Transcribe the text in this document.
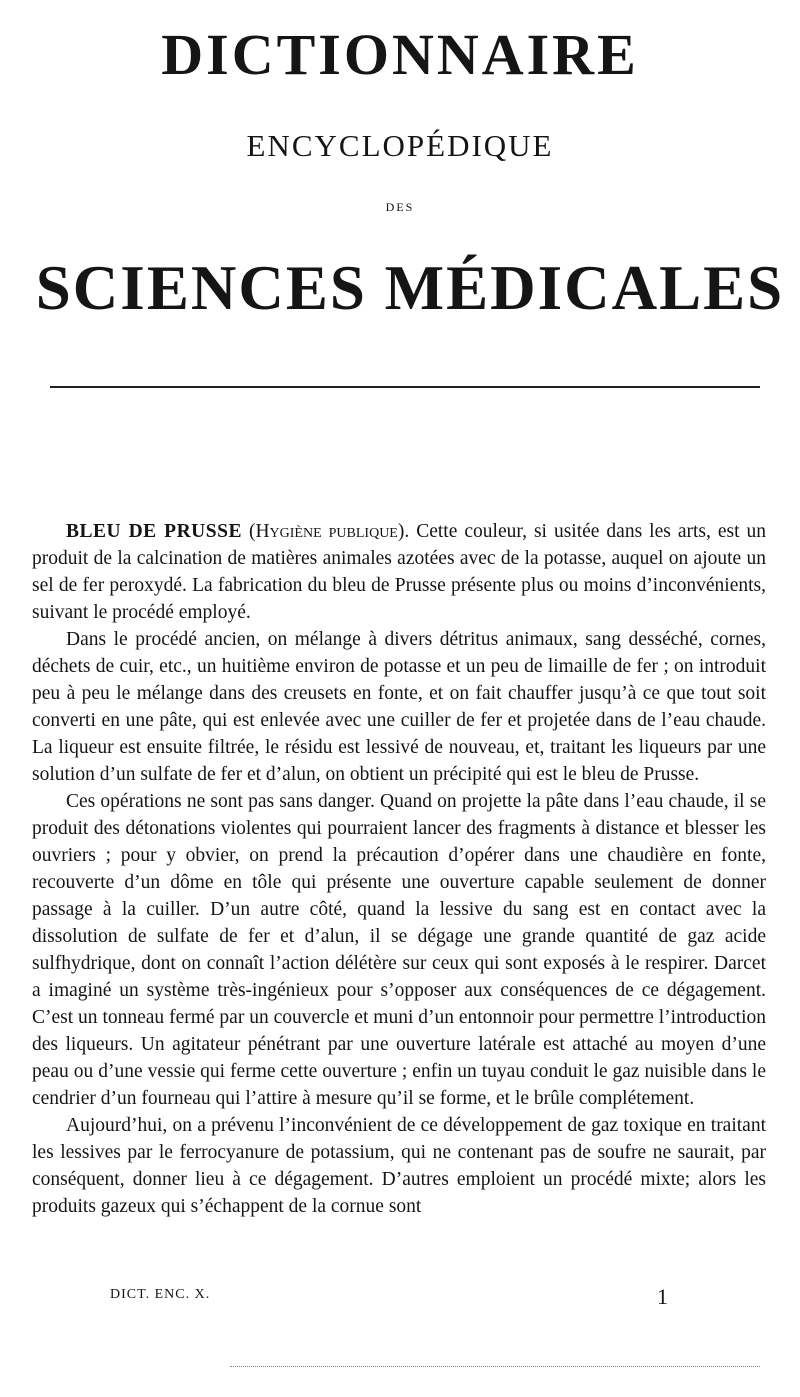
DICTIONNAIRE
ENCYCLOPÉDIQUE
DES
SCIENCES MÉDICALES

BLEU DE PRUSSE (Hygiène publique). Cette couleur, si usitée dans les arts, est un produit de la calcination de matières animales azotées avec de la potasse, auquel on ajoute un sel de fer peroxydé. La fabrication du bleu de Prusse présente plus ou moins d’inconvénients, suivant le procédé employé.

Dans le procédé ancien, on mélange à divers détritus animaux, sang desséché, cornes, déchets de cuir, etc., un huitième environ de potasse et un peu de limaille de fer ; on introduit peu à peu le mélange dans des creusets en fonte, et on fait chauffer jusqu’à ce que tout soit converti en une pâte, qui est enlevée avec une cuiller de fer et projetée dans de l’eau chaude. La liqueur est ensuite filtrée, le résidu est lessivé de nouveau, et, traitant les liqueurs par une solution d’un sulfate de fer et d’alun, on obtient un précipité qui est le bleu de Prusse.

Ces opérations ne sont pas sans danger. Quand on projette la pâte dans l’eau chaude, il se produit des détonations violentes qui pourraient lancer des fragments à distance et blesser les ouvriers ; pour y obvier, on prend la précaution d’opérer dans une chaudière en fonte, recouverte d’un dôme en tôle qui présente une ouverture capable seulement de donner passage à la cuiller. D’un autre côté, quand la lessive du sang est en contact avec la dissolution de sulfate de fer et d’alun, il se dégage une grande quantité de gaz acide sulfhydrique, dont on connaît l’action délétère sur ceux qui sont exposés à le respirer. Darcet a imaginé un système très-ingénieux pour s’opposer aux conséquences de ce dégagement. C’est un tonneau fermé par un couvercle et muni d’un entonnoir pour permettre l’introduction des liqueurs. Un agitateur pénétrant par une ouverture latérale est attaché au moyen d’une peau ou d’une vessie qui ferme cette ouverture ; enfin un tuyau conduit le gaz nuisible dans le cendrier d’un fourneau qui l’attire à mesure qu’il se forme, et le brûle complétement.

Aujourd’hui, on a prévenu l’inconvénient de ce développement de gaz toxique en traitant les lessives par le ferrocyanure de potassium, qui ne contenant pas de soufre ne saurait, par conséquent, donner lieu à ce dégagement. D’autres emploient un procédé mixte; alors les produits gazeux qui s’échappent de la cornue sont

DICT. ENC. X.	1
